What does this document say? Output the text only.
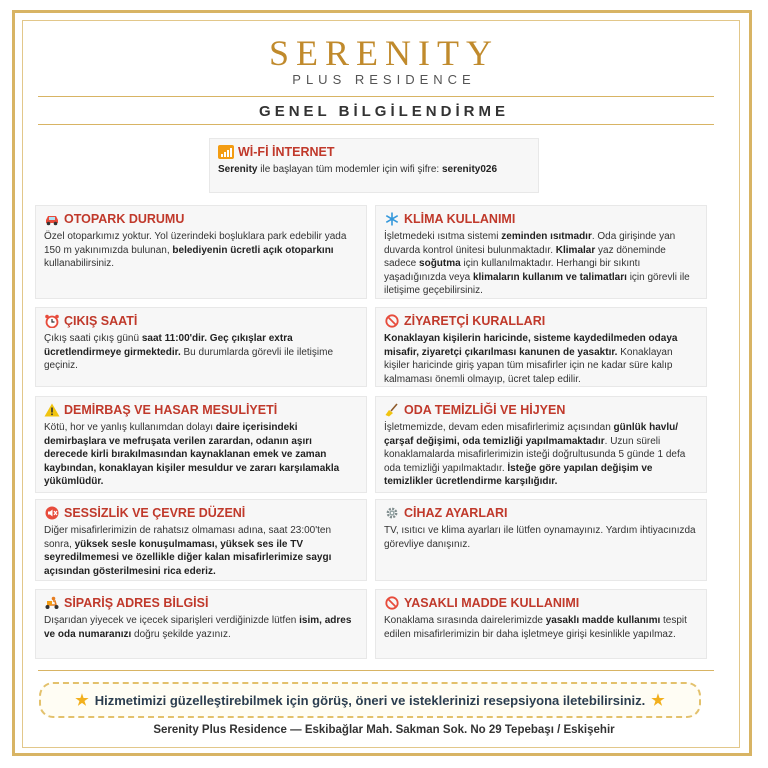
SERENITY
PLUS RESIDENCE
GENEL BİLGİLENDİRME
Wİ-Fİ İNTERNET
Serenity ile başlayan tüm modemler için wifi şifre: serenity026
OTOPARK DURUMU
Özel otoparkımız yoktur. Yol üzerindeki boşluklara park edebilir yada 150 m yakınımızda bulunan, belediyenin ücretli açık otoparkını kullanabilirsiniz.
ÇIKIŞ SAATİ
Çıkış saati çıkış günü saat 11:00'dir. Geç çıkışlar extra ücretlendirmeye girmektedir. Bu durumlarda görevli ile iletişime geçiniz.
DEMİRBAŞ VE HASAR MESULİYETİ
Kötü, hor ve yanlış kullanımdan dolayı daire içerisindeki demirbaşlara ve mefruşata verilen zarardan, odanın aşırı derecede kirli bırakılmasından kaynaklanan emek ve zaman kaybından, konaklayan kişiler mesuldur ve zararı karşılamakla yükümlüdür.
SESSİZLİK VE ÇEVRE DÜZENİ
Diğer misafirlerimizin de rahatsız olmaması adına, saat 23:00'ten sonra, yüksek sesle konuşulmaması, yüksek ses ile TV seyredilmemesi ve özellikle diğer kalan misafirlerimize saygı açısından gösterilmesini rica ederiz.
SİPARİŞ ADRES BİLGİSİ
Dışarıdan yiyecek ve içecek siparişleri verdiğinizde lütfen isim, adres ve oda numaranızı doğru şekilde yazınız.
KLİMA KULLANIMI
İşletmedeki ısıtma sistemi zeminden ısıtmadır. Oda girişinde yan duvarda kontrol ünitesi bulunmaktadır. Klimalar yaz döneminde sadece soğutma için kullanılmaktadır. Herhangi bir sıkıntı yaşadığınızda veya klimaların kullanım ve talimatları için görevli ile iletişime geçebilirsiniz.
ZİYARETÇİ KURALLARI
Konaklayan kişilerin haricinde, sisteme kaydedilmeden odaya misafir, ziyaretçi çıkarılması kanunen de yasaktır. Konaklayan kişiler haricinde giriş yapan tüm misafirler için ne kadar süre kalıp kalmaması önemli olmayıp, ücret talep edilir.
ODA TEMİZLİĞİ VE HİJYEN
İşletmemizde, devam eden misafirlerimiz açısından günlük havlu/çarşaf değişimi, oda temizliği yapılmamaktadır. Uzun süreli konaklamalarda misafirlerimizin isteği doğrultusunda 5 günde 1 defa oda temizliği yapılmaktadır. İsteğe göre yapılan değişim ve temizlikler ücretlendirme karşılığıdır.
CİHAZ AYARLARI
TV, ısıtıcı ve klima ayarları ile lütfen oynamayınız. Yardım ihtiyacınızda görevliye danışınız.
YASAKLI MADDE KULLANIMI
Konaklama sırasında dairelerimizde yasaklı madde kullanımı tespit edilen misafirlerimizin bir daha işletmeye girişi kesinlikle yapılmaz.
★ Hizmetimizi güzelleştirebilmek için görüş, öneri ve isteklerinizi resepsiyona iletebilirsiniz. ★
Serenity Plus Residence — Eskibağlar Mah. Sakman Sok. No 29 Tepebaşı / Eskişehir
